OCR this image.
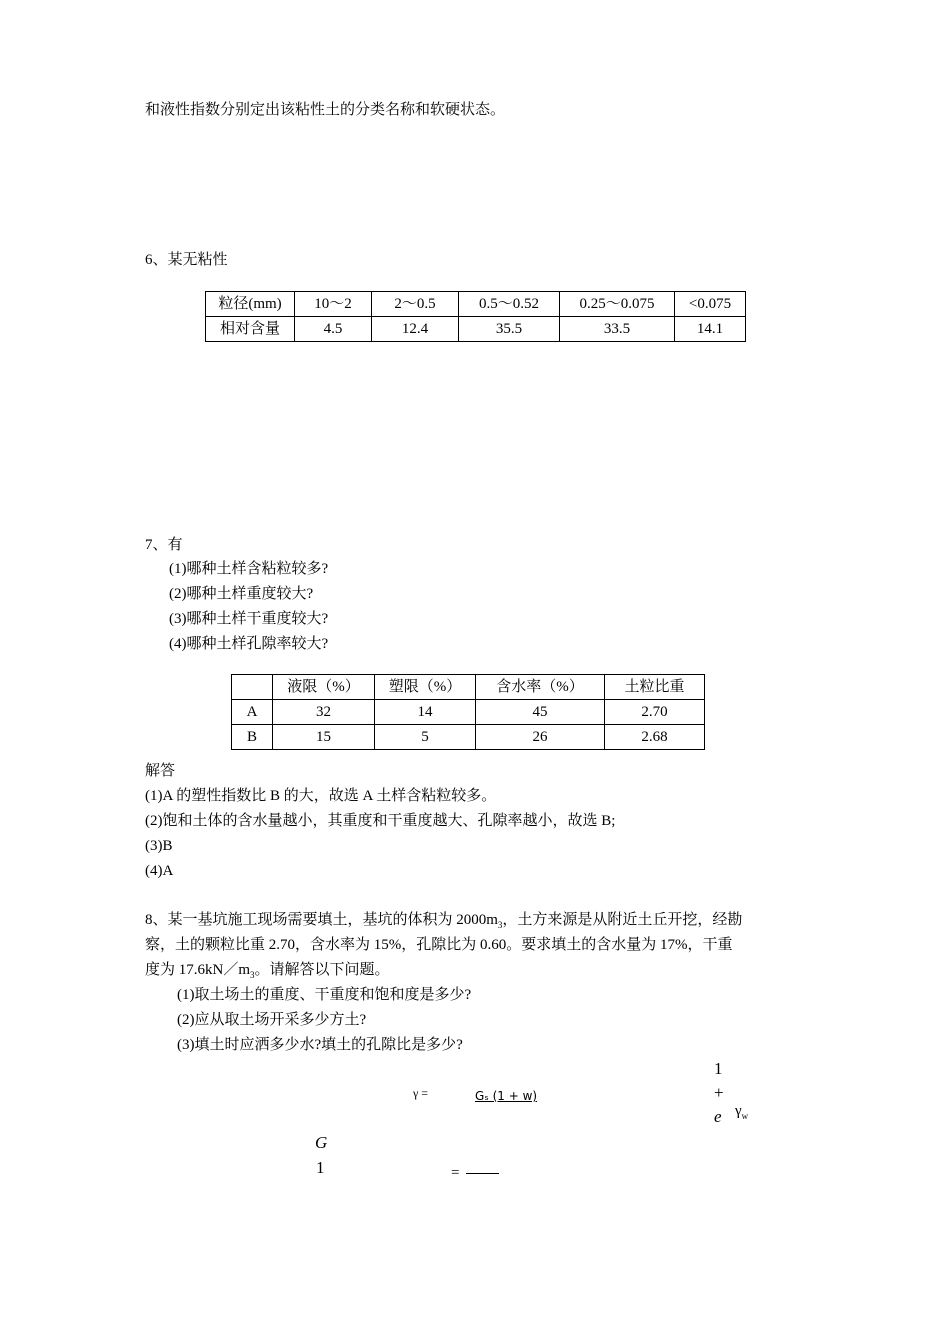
和液性指数分别定出该粘性土的分类名称和软硬状态。
6、某无粘性
粒径(mm)	10～2	2～0.5	0.5～0.52	0.25～0.075	<0.075
相对含量	4.5	12.4	35.5	33.5	14.1
7、有
(1)哪种土样含粘粒较多?
(2)哪种土样重度较大?
(3)哪种土样干重度较大?
(4)哪种土样孔隙率较大?
	液限（%）	塑限（%）	含水率（%）	土粒比重
A	32	14	45	2.70
B	15	5	26	2.68
解答
(1)A 的塑性指数比 B 的大，故选 A 土样含粘粒较多。
(2)饱和土体的含水量越小，其重度和干重度越大、孔隙率越小，故选 B;
(3)B
(4)A
8、某一基坑施工现场需要填土，基坑的体积为 $2000m_3$，土方来源是从附近土丘开挖，经勘
察，土的颗粒比重 2.70，含水率为 15%，孔隙比为 0.60。要求填土的含水量为 17%，干重
度为 $17.6kN/m_3$。请解答以下问题。
(1)取土场土的重度、干重度和饱和度是多少?
(2)应从取土场开采多少方土?
(3)填土时应洒多少水?填土的孔隙比是多少?
γ =	Gₛ (1 + w)
1
+
e $\gamma_w$
G
1	=
